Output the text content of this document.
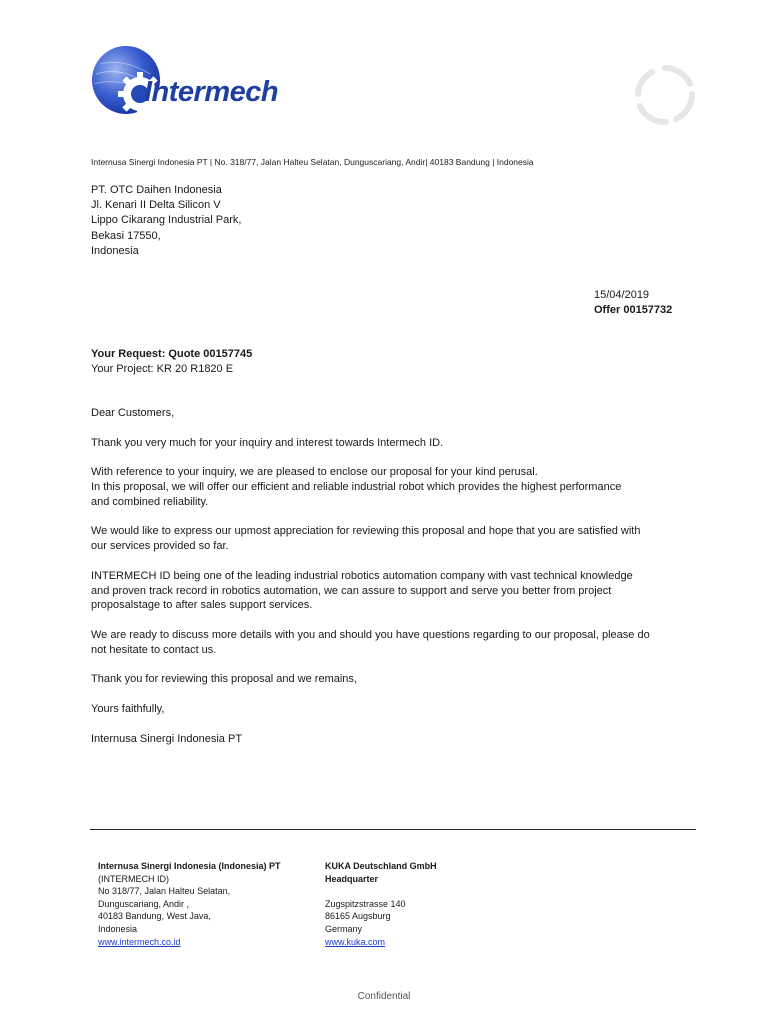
Intermech
Internusa Sinergi Indonesia PT | No. 318/77, Jalan Halteu Selatan, Dunguscariang, Andir| 40183 Bandung | Indonesia
PT. OTC Daihen Indonesia
Jl. Kenari II Delta Silicon V
Lippo Cikarang Industrial Park,
Bekasi 17550,
Indonesia
15/04/2019
Offer 00157732
Your Request: Quote 00157745
Your Project: KR 20 R1820 E

Dear Customers,

Thank you very much for your inquiry and interest towards Intermech ID.

With reference to your inquiry, we are pleased to enclose our proposal for your kind perusal.
In this proposal, we will offer our efficient and reliable industrial robot which provides the highest performance
and combined reliability.

We would like to express our upmost appreciation for reviewing this proposal and hope that you are satisfied with
our services provided so far.

INTERMECH ID being one of the leading industrial robotics automation company with vast technical knowledge
and proven track record in robotics automation, we can assure to support and serve you better from project
proposalstage to after sales support services.

We are ready to discuss more details with you and should you have questions regarding to our proposal, please do
not hesitate to contact us.

Thank you for reviewing this proposal and we remains,

Yours faithfully,

Internusa Sinergi Indonesia PT

Internusa Sinergi Indonesia (Indonesia) PT
(INTERMECH ID)
No 318/77, Jalan Halteu Selatan,
Dunguscariang, Andir ,
40183 Bandung, West Java,
Indonesia
www.intermech.co.id
KUKA Deutschland GmbH
Headquarter
Zugspitzstrasse 140
86165 Augsburg
Germany
www.kuka.com
Confidential
